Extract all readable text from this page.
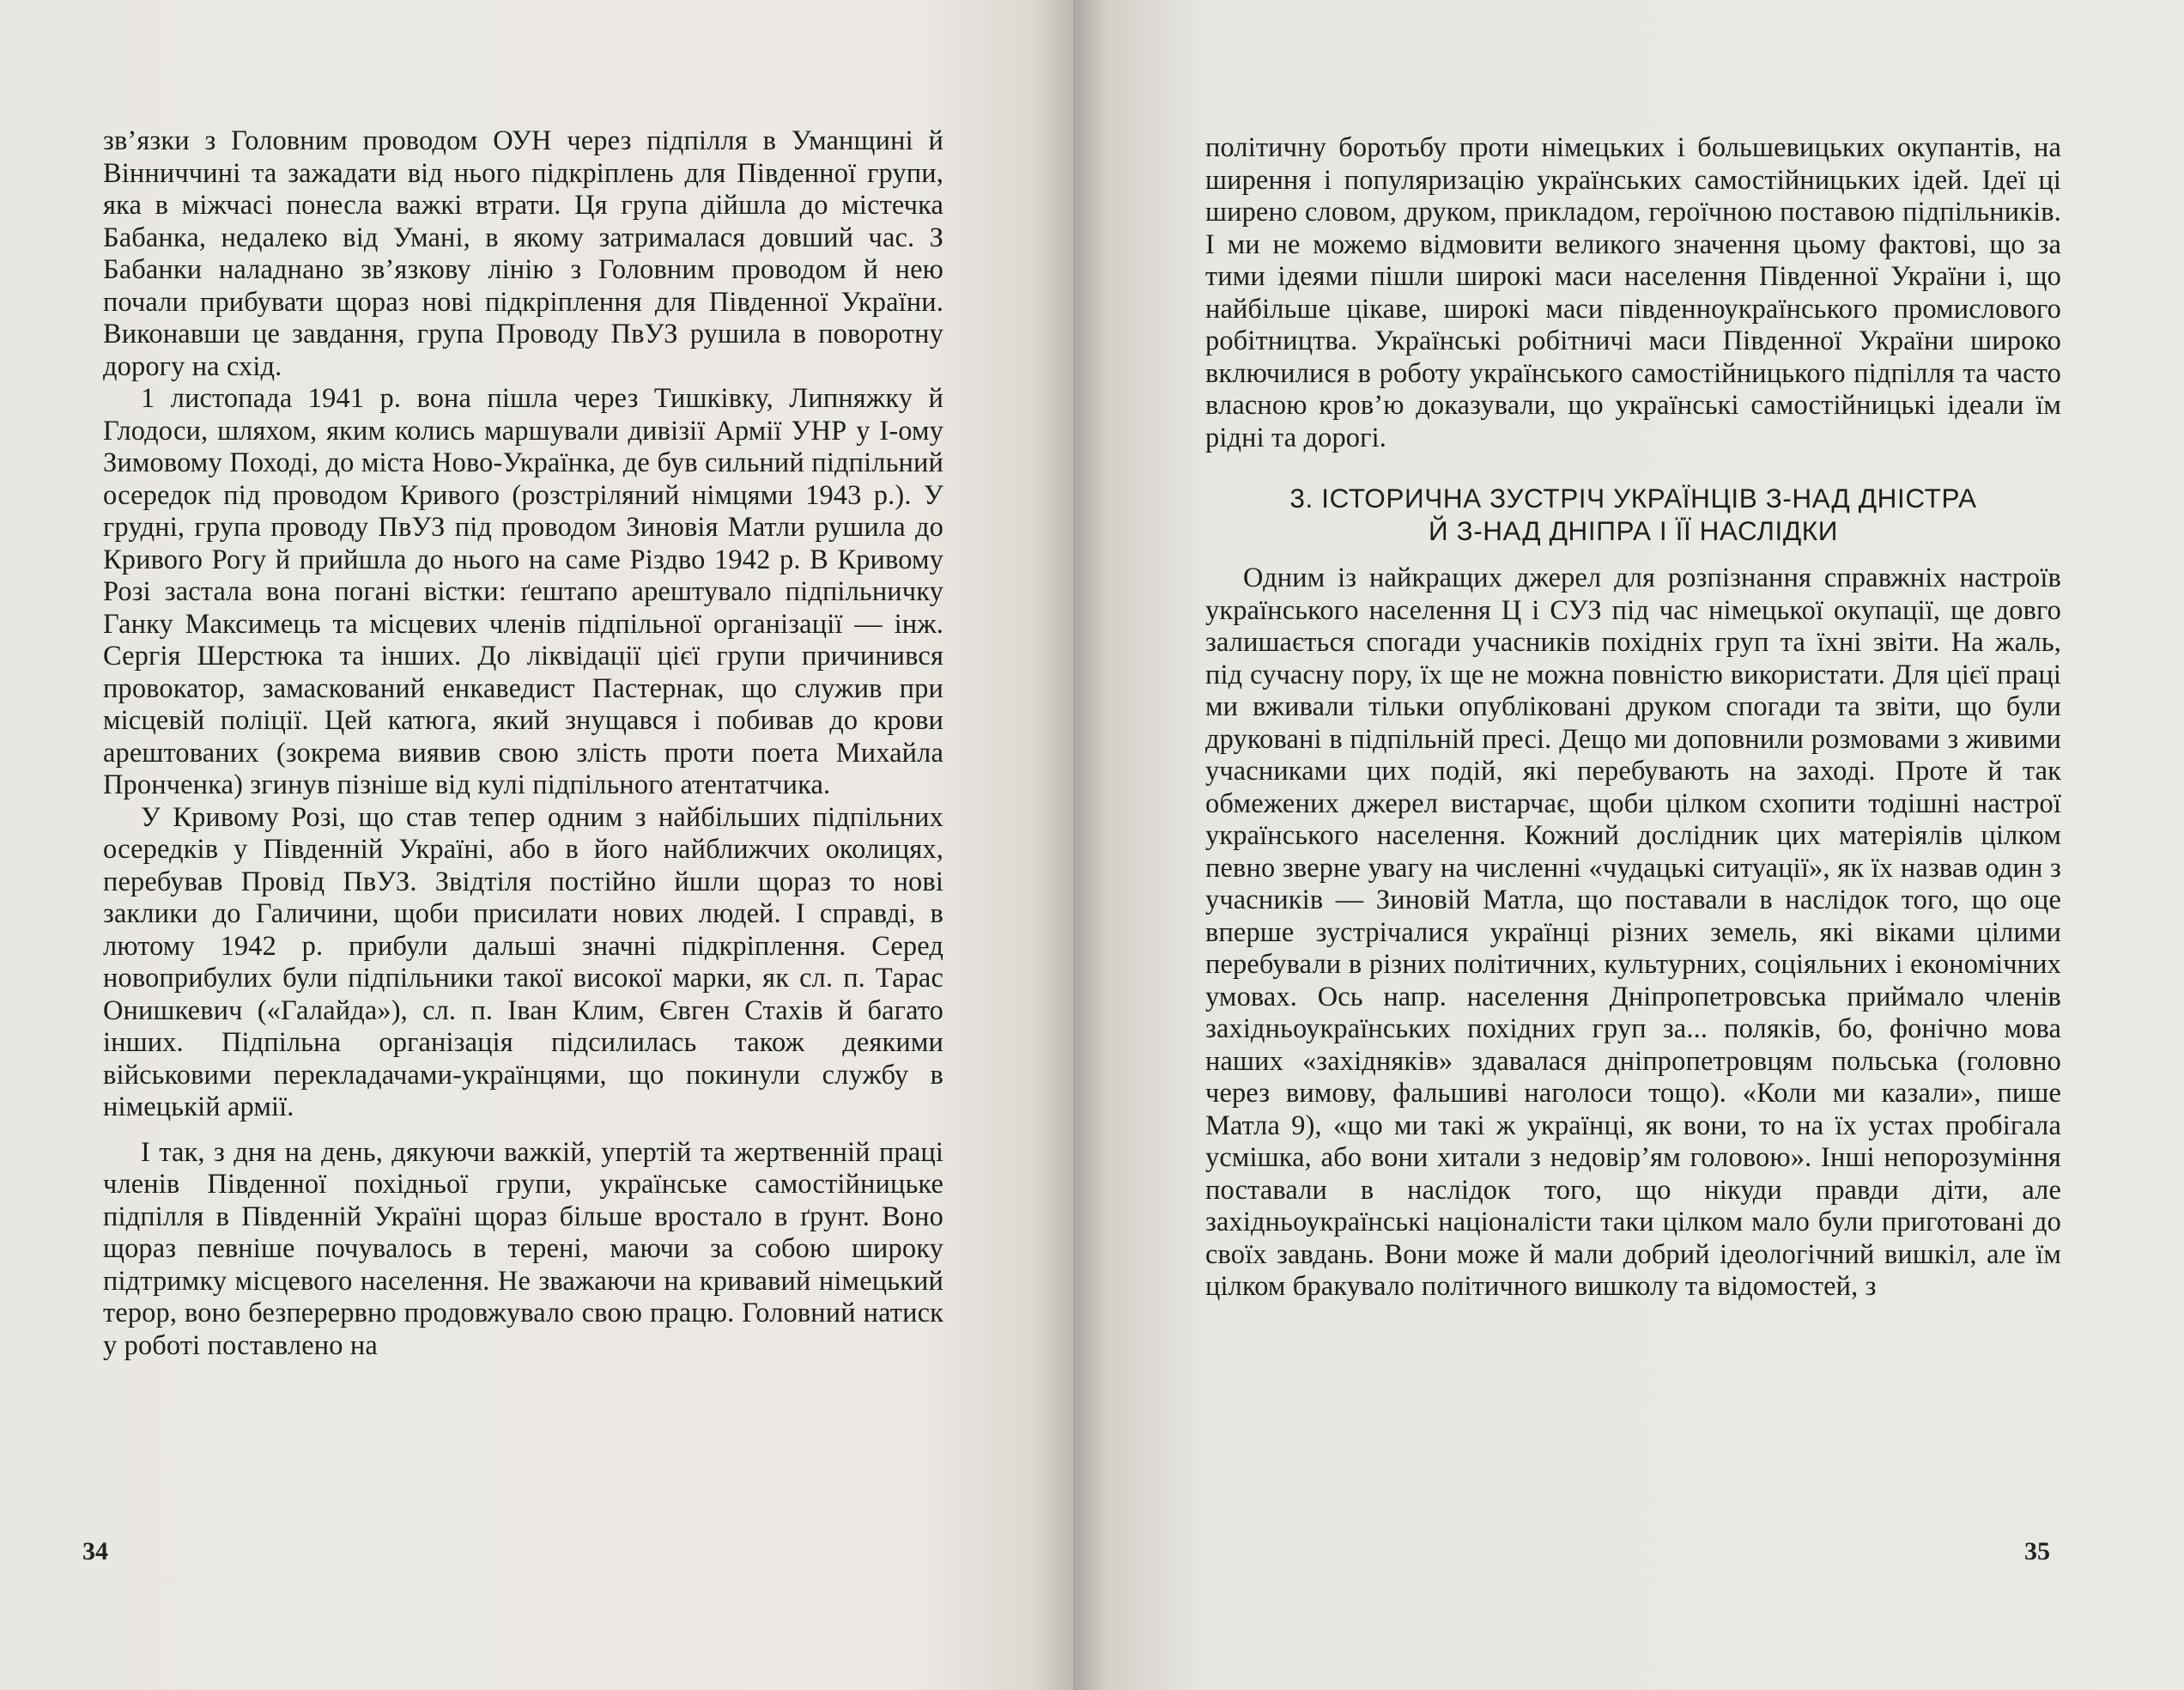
зв’язки з Головним проводом ОУН через підпілля в Уманщині й Вінниччині та зажадати від нього підкріплень для Південної групи, яка в міжчасі понесла важкі втрати. Ця група дійшла до містечка Бабанка, недалеко від Умані, в якому затрималася довший час. З Бабанки наладнано зв’язкову лінію з Головним проводом й нею почали прибувати щораз нові підкріплення для Південної України. Виконавши це завдання, група Проводу ПвУЗ рушила в поворотну дорогу на схід.

1 листопада 1941 р. вона пішла через Тишківку, Липняжку й Глодоси, шляхом, яким колись маршували дивізії Армії УНР у І-ому Зимовому Поході, до міста Ново-Українка, де був сильний підпільний осередок під проводом Кривого (розстріляний німцями 1943 р.). У грудні, група проводу ПвУЗ під проводом Зиновія Матли рушила до Кривого Рогу й прийшла до нього на саме Різдво 1942 р. В Кривому Розі застала вона погані вістки: ґештапо арештувало підпільничку Ганку Максимець та місцевих членів підпільної організації — інж. Сергія Шерстюка та інших. До ліквідації цієї групи причинився провокатор, замаскований енкаведист Пастернак, що служив при місцевій поліції. Цей катюга, який знущався і побивав до крови арештованих (зокрема виявив свою злість проти поета Михайла Пронченка) згинув пізніше від кулі підпільного атентатчика.

У Кривому Розі, що став тепер одним з найбільших підпільних осередків у Південній Україні, або в його найближчих околицях, перебував Провід ПвУЗ. Звідтіля постійно йшли щораз то нові заклики до Галичини, щоби присилати нових людей. І справді, в лютому 1942 р. прибули дальші значні підкріплення. Серед новоприбулих були підпільники такої високої марки, як сл. п. Тарас Онишкевич («Галайда»), сл. п. Іван Клим, Євген Стахів й багато інших. Підпільна організація підсилилась також деякими військовими перекладачами-українцями, що покинули службу в німецькій армії.

І так, з дня на день, дякуючи важкій, упертій та жертвенній праці членів Південної похідньої групи, українське самостійницьке підпілля в Південній Україні щораз більше вростало в ґрунт. Воно щораз певніше почувалось в терені, маючи за собою широку підтримку місцевого населення. Не зважаючи на кривавий німецький терор, воно безперервно продовжувало свою працю. Головний натиск у роботі поставлено на

34

політичну боротьбу проти німецьких і большевицьких окупантів, на ширення і популяризацію українських самостійницьких ідей. Ідеї ці ширено словом, друком, прикладом, героїчною поставою підпільників. І ми не можемо відмовити великого значення цьому фактові, що за тими ідеями пішли широкі маси населення Південної України і, що найбільше цікаве, широкі маси південноукраїнського промислового робітництва. Українські робітничі маси Південної України широко включилися в роботу українського самостійницького підпілля та часто власною кров’ю доказували, що українські самостійницькі ідеали їм рідні та дорогі.

3. ІСТОРИЧНА ЗУСТРІЧ УКРАЇНЦІВ З-НАД ДНІСТРА
Й З-НАД ДНІПРА І ЇЇ НАСЛІДКИ

Одним із найкращих джерел для розпізнання справжніх настроїв українського населення Ц і СУЗ під час німецької окупації, ще довго залишається спогади учасників похідніх груп та їхні звіти. На жаль, під сучасну пору, їх ще не можна повністю використати. Для цієї праці ми вживали тільки опубліковані друком спогади та звіти, що були друковані в підпільній пресі. Дещо ми доповнили розмовами з живими учасниками цих подій, які перебувають на заході. Проте й так обмежених джерел вистарчає, щоби цілком схопити тодішні настрої українського населення. Кожний дослідник цих матеріялів цілком певно зверне увагу на численні «чудацькі ситуації», як їх назвав один з учасників — Зиновій Матла, що поставали в наслідок того, що оце вперше зустрічалися українці різних земель, які віками цілими перебували в різних політичних, культурних, соціяльних і економічних умовах. Ось напр. населення Дніпропетровська приймало членів західньоукраїнських похідних груп за... поляків, бо, фонічно мова наших «західняків» здавалася дніпропетровцям польська (головно через вимову, фальшиві наголоси тощо). «Коли ми казали», пише Матла 9), «що ми такі ж українці, як вони, то на їх устах пробігала усмішка, або вони хитали з недовір’ям головою». Інші непорозуміння поставали в наслідок того, що нікуди правди діти, але західньоукраїнські націоналісти таки цілком мало були приготовані до своїх завдань. Вони може й мали добрий ідеологічний вишкіл, але їм цілком бракувало політичного вишколу та відомостей, з

35
